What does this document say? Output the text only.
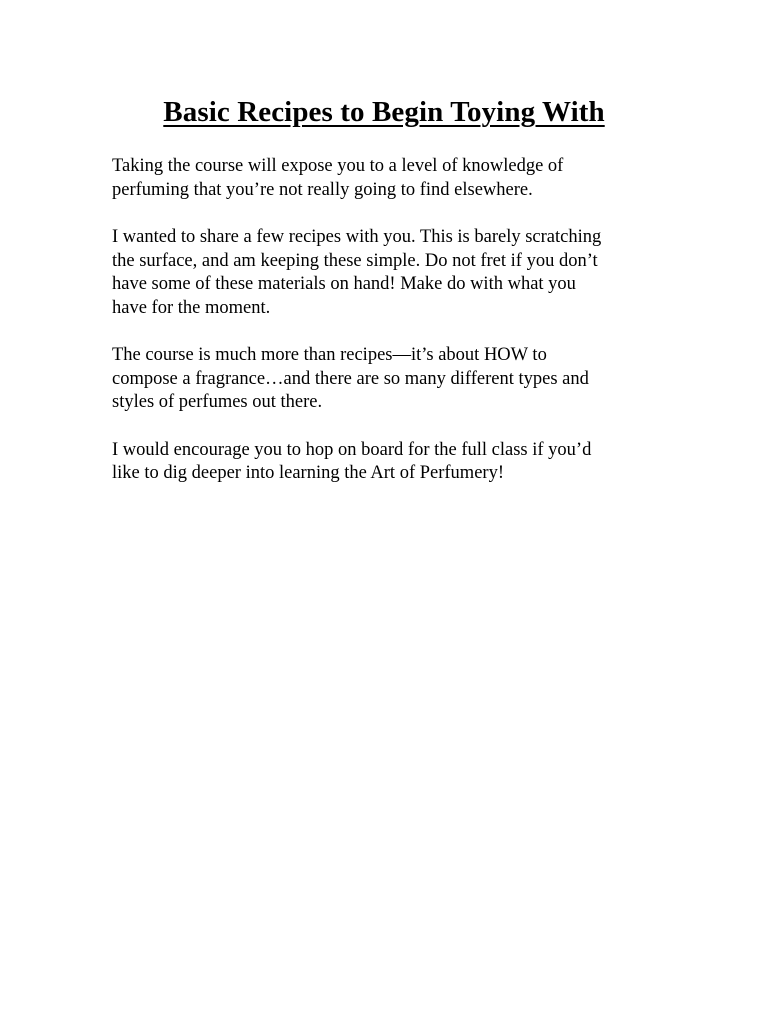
Basic Recipes to Begin Toying With

Taking the course will expose you to a level of knowledge of
perfuming that you’re not really going to find elsewhere.

I wanted to share a few recipes with you. This is barely scratching
the surface, and am keeping these simple. Do not fret if you don’t
have some of these materials on hand! Make do with what you
have for the moment.

The course is much more than recipes—it’s about HOW to
compose a fragrance…and there are so many different types and
styles of perfumes out there.

I would encourage you to hop on board for the full class if you’d
like to dig deeper into learning the Art of Perfumery!
